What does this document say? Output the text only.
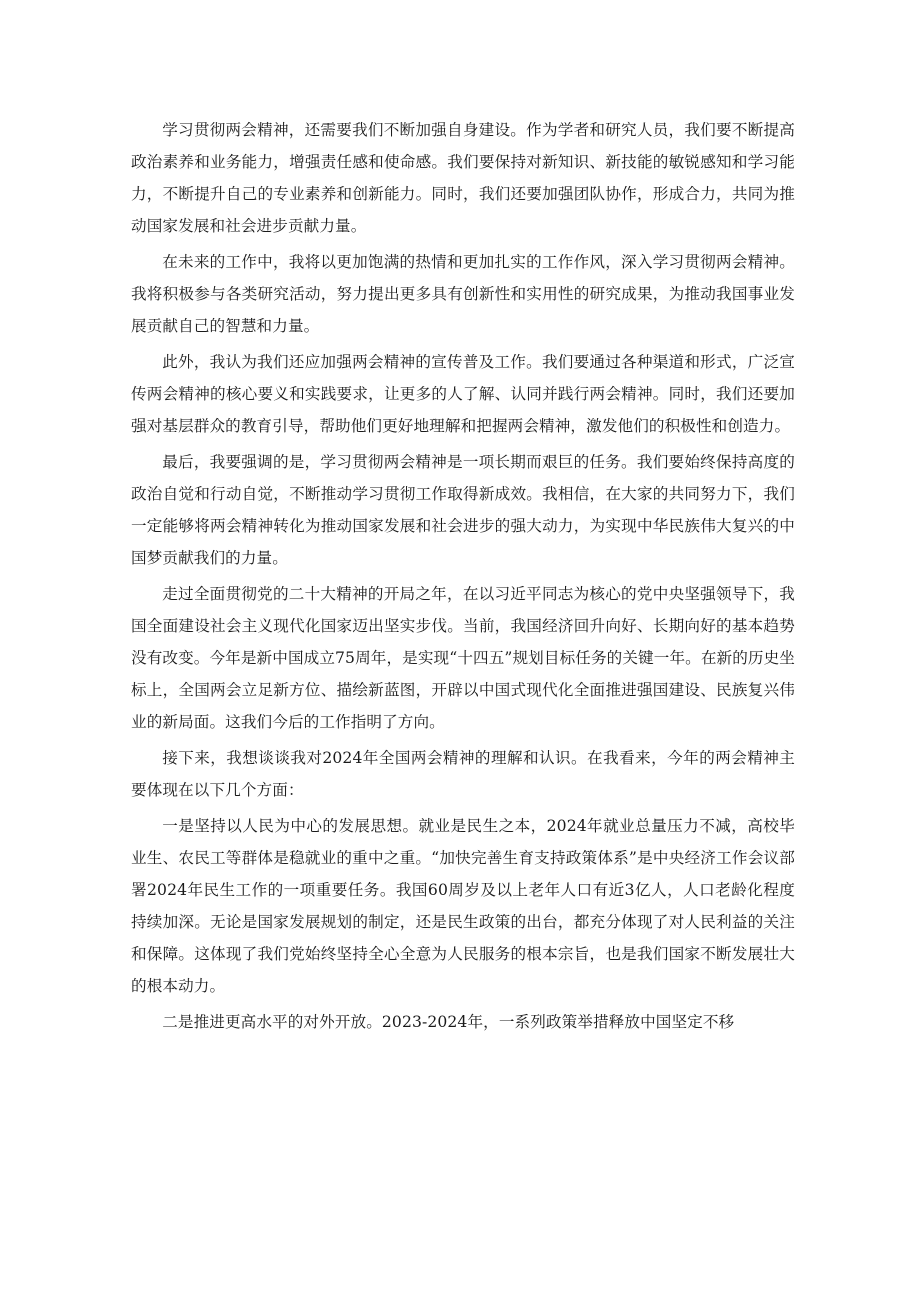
学习贯彻两会精神，还需要我们不断加强自身建设。作为学者和研究人员，我们要不断提高政治素养和业务能力，增强责任感和使命感。我们要保持对新知识、新技能的敏锐感知和学习能力，不断提升自己的专业素养和创新能力。同时，我们还要加强团队协作，形成合力，共同为推动国家发展和社会进步贡献力量。

在未来的工作中，我将以更加饱满的热情和更加扎实的工作作风，深入学习贯彻两会精神。我将积极参与各类研究活动，努力提出更多具有创新性和实用性的研究成果，为推动我国事业发展贡献自己的智慧和力量。

此外，我认为我们还应加强两会精神的宣传普及工作。我们要通过各种渠道和形式，广泛宣传两会精神的核心要义和实践要求，让更多的人了解、认同并践行两会精神。同时，我们还要加强对基层群众的教育引导，帮助他们更好地理解和把握两会精神，激发他们的积极性和创造力。

最后，我要强调的是，学习贯彻两会精神是一项长期而艰巨的任务。我们要始终保持高度的政治自觉和行动自觉，不断推动学习贯彻工作取得新成效。我相信，在大家的共同努力下，我们一定能够将两会精神转化为推动国家发展和社会进步的强大动力，为实现中华民族伟大复兴的中国梦贡献我们的力量。

走过全面贯彻党的二十大精神的开局之年，在以习近平同志为核心的党中央坚强领导下，我国全面建设社会主义现代化国家迈出坚实步伐。当前，我国经济回升向好、长期向好的基本趋势没有改变。今年是新中国成立75周年，是实现“十四五”规划目标任务的关键一年。在新的历史坐标上，全国两会立足新方位、描绘新蓝图，开辟以中国式现代化全面推进强国建设、民族复兴伟业的新局面。这我们今后的工作指明了方向。

接下来，我想谈谈我对2024年全国两会精神的理解和认识。在我看来，今年的两会精神主要体现在以下几个方面：

一是坚持以人民为中心的发展思想。就业是民生之本，2024年就业总量压力不减，高校毕业生、农民工等群体是稳就业的重中之重。“加快完善生育支持政策体系”是中央经济工作会议部署2024年民生工作的一项重要任务。我国60周岁及以上老年人口有近3亿人，人口老龄化程度持续加深。无论是国家发展规划的制定，还是民生政策的出台，都充分体现了对人民利益的关注和保障。这体现了我们党始终坚持全心全意为人民服务的根本宗旨，也是我们国家不断发展壮大的根本动力。

二是推进更高水平的对外开放。2023-2024年，一系列政策举措释放中国坚定不移
